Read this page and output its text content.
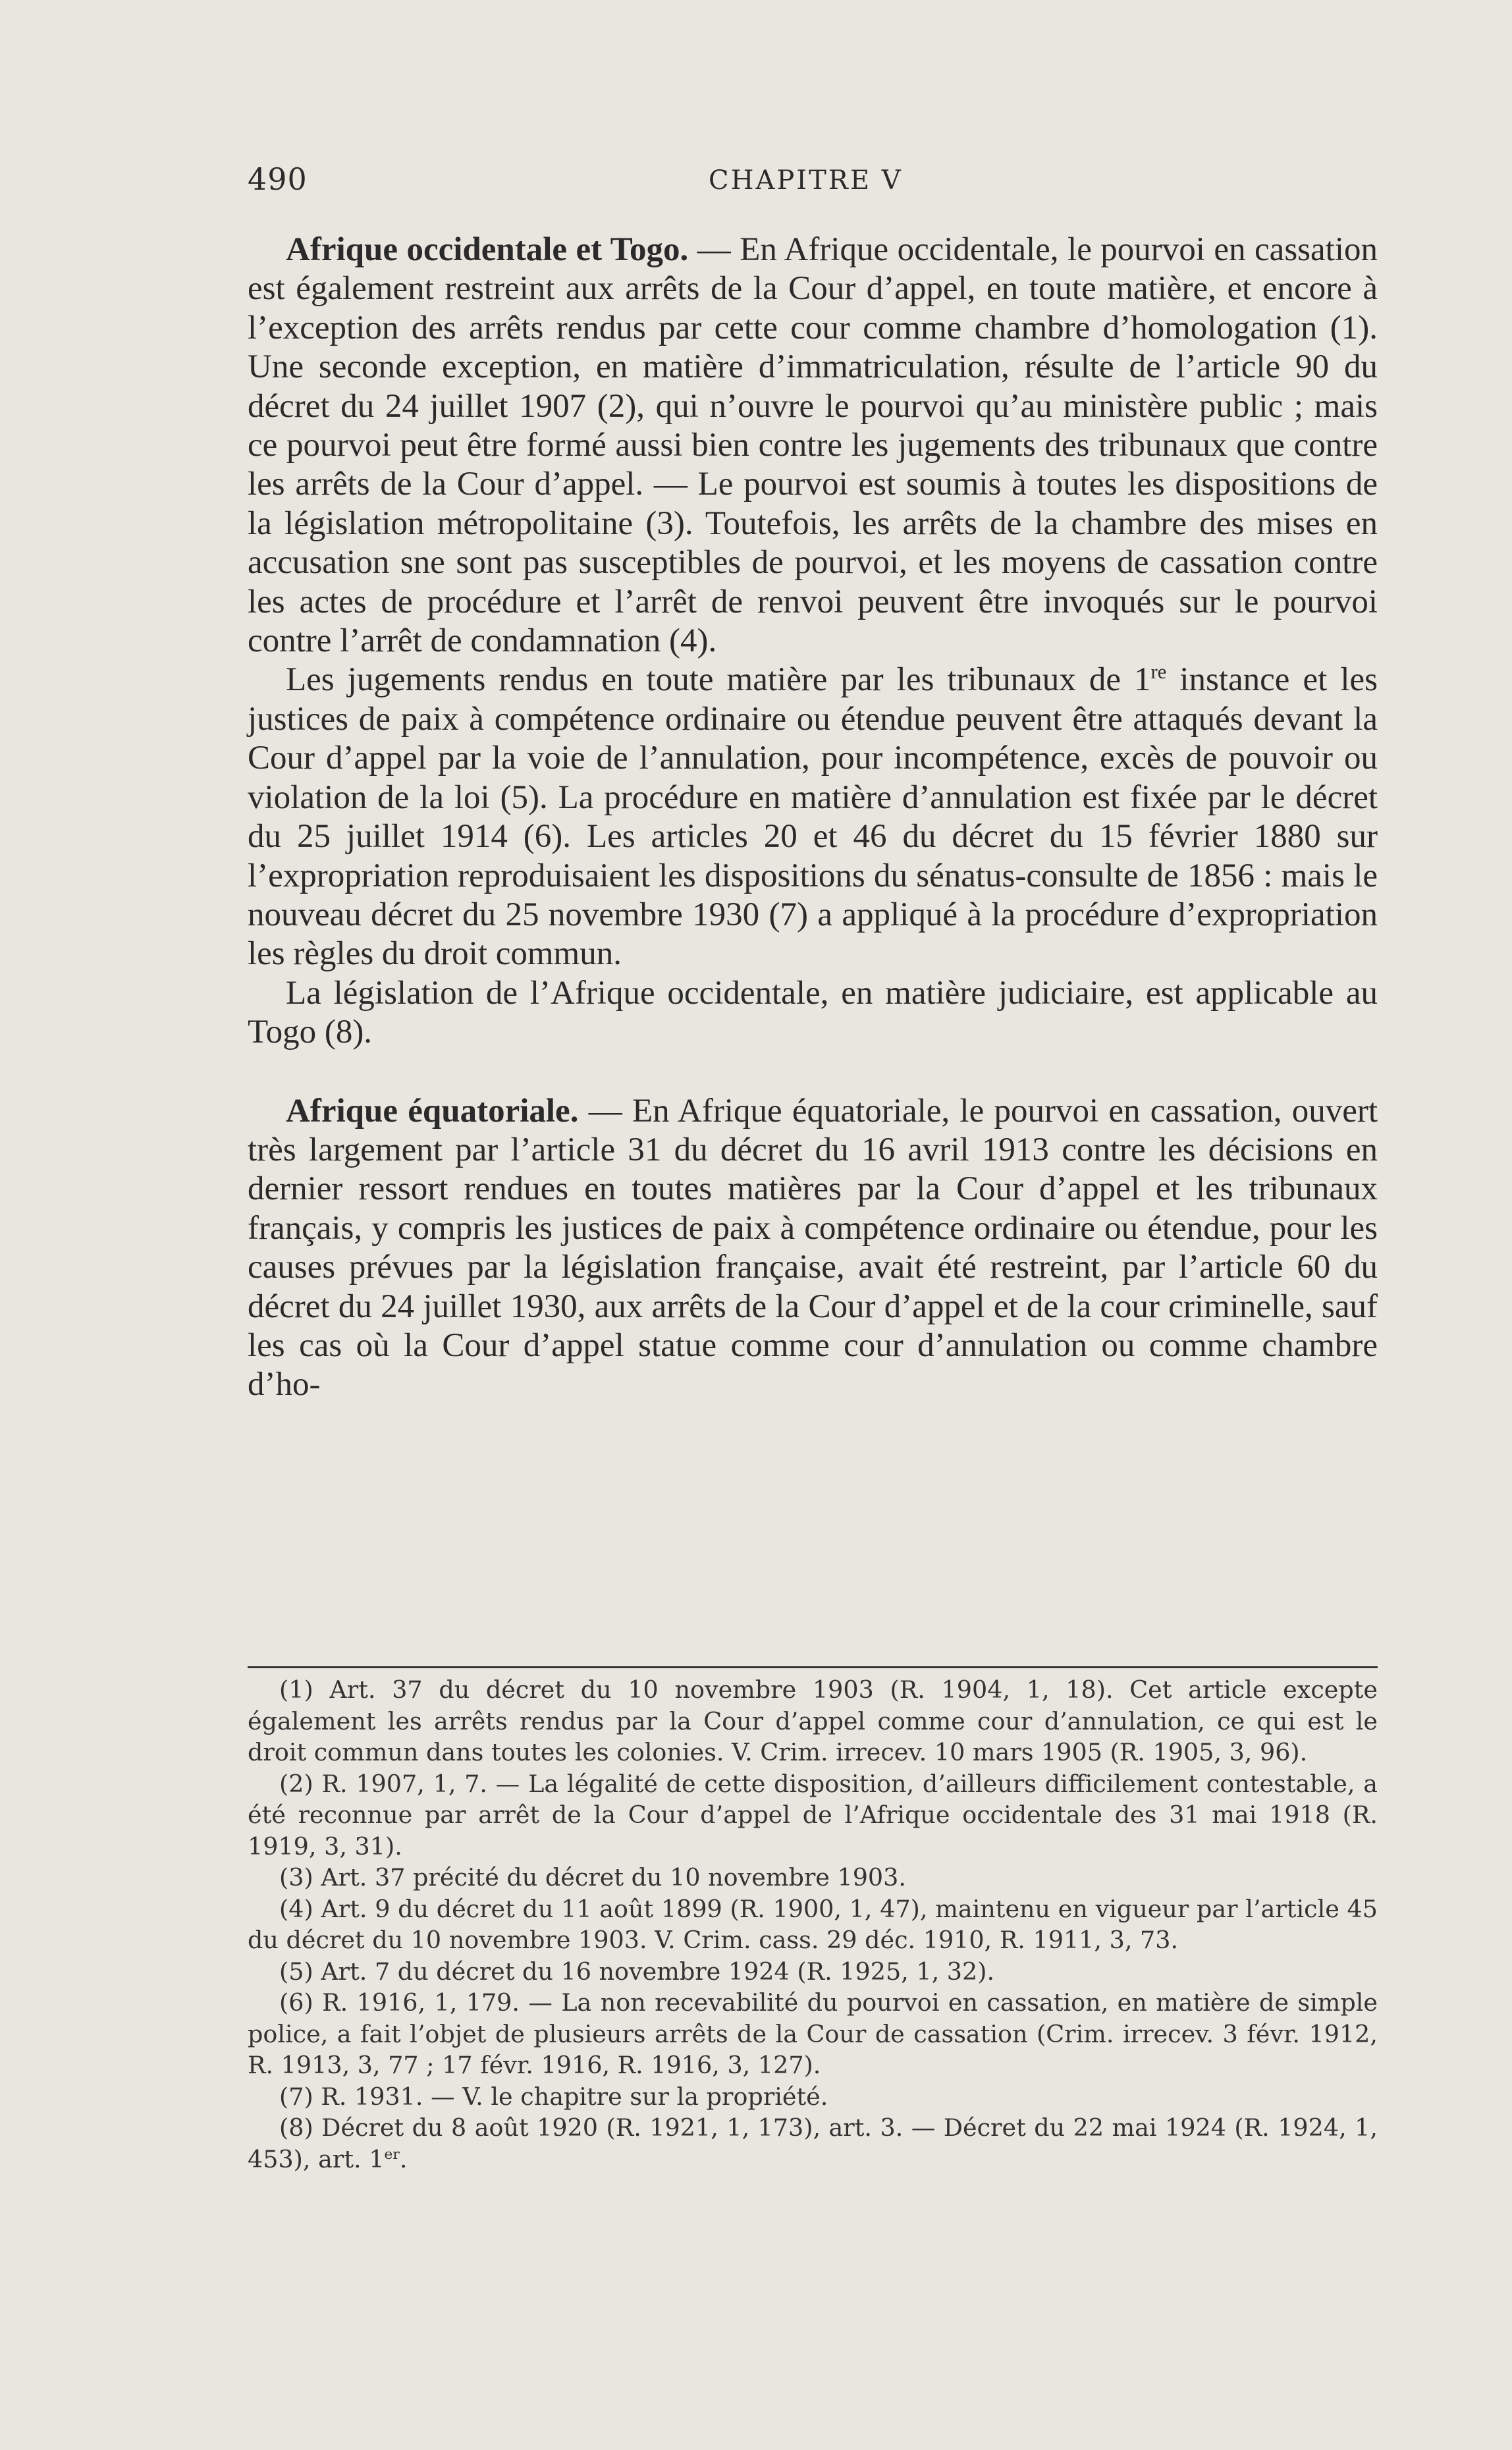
490	CHAPITRE V

Afrique occidentale et Togo. — En Afrique occidentale, le pourvoi en cassation est également restreint aux arrêts de la Cour d’appel, en toute matière, et encore à l’exception des arrêts rendus par cette cour comme chambre d’homologation (1). Une seconde exception, en matière d’immatriculation, résulte de l’article 90 du décret du 24 juillet 1907 (2), qui n’ouvre le pourvoi qu’au ministère public ; mais ce pourvoi peut être formé aussi bien contre les jugements des tribunaux que contre les arrêts de la Cour d’appel. — Le pourvoi est soumis à toutes les dispositions de la législation métropolitaine (3). Toutefois, les arrêts de la chambre des mises en accusation sne sont pas susceptibles de pourvoi, et les moyens de cassation contre les actes de procédure et l’arrêt de renvoi peuvent être invoqués sur le pourvoi contre l’arrêt de condamnation (4).

Les jugements rendus en toute matière par les tribunaux de 1re instance et les justices de paix à compétence ordinaire ou étendue peuvent être attaqués devant la Cour d’appel par la voie de l’annulation, pour incompétence, excès de pouvoir ou violation de la loi (5). La procédure en matière d’annulation est fixée par le décret du 25 juillet 1914 (6). Les articles 20 et 46 du décret du 15 février 1880 sur l’expropriation reproduisaient les dispositions du sénatus-consulte de 1856 : mais le nouveau décret du 25 novembre 1930 (7) a appliqué à la procédure d’expropriation les règles du droit commun.

La législation de l’Afrique occidentale, en matière judiciaire, est applicable au Togo (8).

Afrique équatoriale. — En Afrique équatoriale, le pourvoi en cassation, ouvert très largement par l’article 31 du décret du 16 avril 1913 contre les décisions en dernier ressort rendues en toutes matières par la Cour d’appel et les tribunaux français, y compris les justices de paix à compétence ordinaire ou étendue, pour les causes prévues par la législation française, avait été restreint, par l’article 60 du décret du 24 juillet 1930, aux arrêts de la Cour d’appel et de la cour criminelle, sauf les cas où la Cour d’appel statue comme cour d’annulation ou comme chambre d’ho-

(1) Art. 37 du décret du 10 novembre 1903 (R. 1904, 1, 18). Cet article excepte également les arrêts rendus par la Cour d’appel comme cour d’annulation, ce qui est le droit commun dans toutes les colonies. V. Crim. irrecev. 10 mars 1905 (R. 1905, 3, 96).

(2) R. 1907, 1, 7. — La légalité de cette disposition, d’ailleurs difficilement contestable, a été reconnue par arrêt de la Cour d’appel de l’Afrique occidentale des 31 mai 1918 (R. 1919, 3, 31).

(3) Art. 37 précité du décret du 10 novembre 1903.

(4) Art. 9 du décret du 11 août 1899 (R. 1900, 1, 47), maintenu en vigueur par l’article 45 du décret du 10 novembre 1903. V. Crim. cass. 29 déc. 1910, R. 1911, 3, 73.

(5) Art. 7 du décret du 16 novembre 1924 (R. 1925, 1, 32).

(6) R. 1916, 1, 179. — La non recevabilité du pourvoi en cassation, en matière de simple police, a fait l’objet de plusieurs arrêts de la Cour de cassation (Crim. irrecev. 3 févr. 1912, R. 1913, 3, 77 ; 17 févr. 1916, R. 1916, 3, 127).

(7) R. 1931. — V. le chapitre sur la propriété.

(8) Décret du 8 août 1920 (R. 1921, 1, 173), art. 3. — Décret du 22 mai 1924 (R. 1924, 1, 453), art. 1er.
